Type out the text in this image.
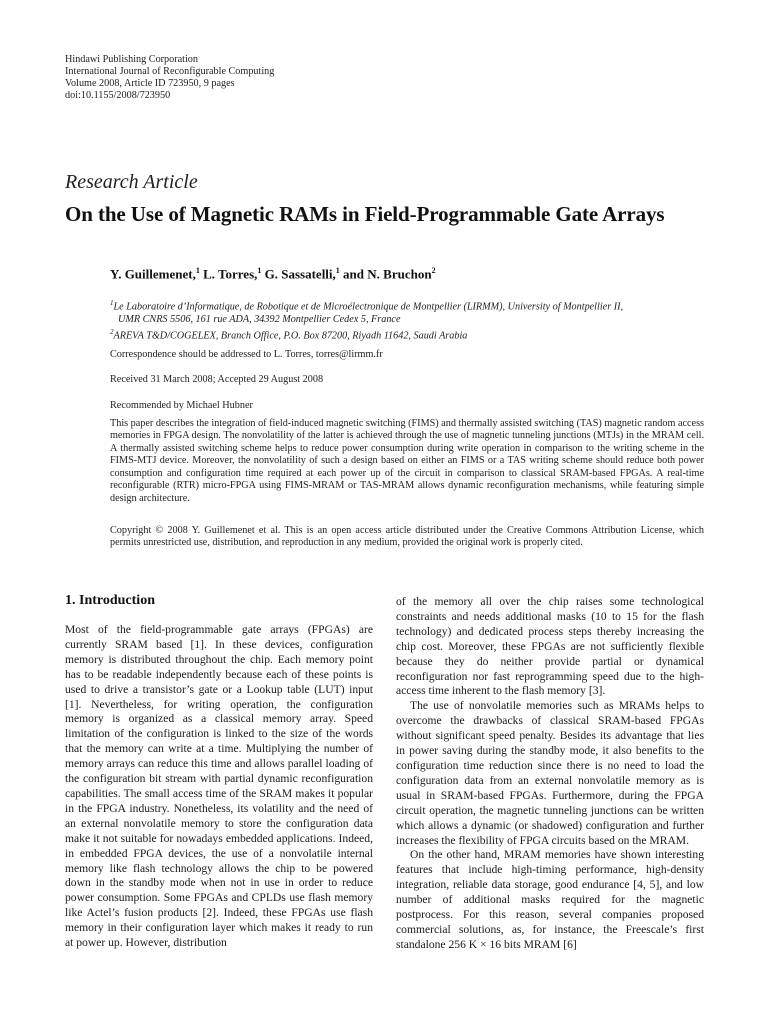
Hindawi Publishing Corporation
International Journal of Reconfigurable Computing
Volume 2008, Article ID 723950, 9 pages
doi:10.1155/2008/723950
Research Article
On the Use of Magnetic RAMs in Field-Programmable Gate Arrays
Y. Guillemenet,$^1$ L. Torres,$^1$ G. Sassatelli,$^1$ and N. Bruchon$^2$

$^1$Le Laboratoire d’Informatique, de Robotique et de Microélectronique de Montpellier (LIRMM), University of Montpellier II,

UMR CNRS 5506, 161 rue ADA, 34392 Montpellier Cedex 5, France

$^2$AREVA T&D/COGELEX, Branch Office, P.O. Box 87200, Riyadh 11642, Saudi Arabia

Correspondence should be addressed to L. Torres, torres@lirmm.fr
Received 31 March 2008; Accepted 29 August 2008
Recommended by Michael Hubner

This paper describes the integration of field-induced magnetic switching (FIMS) and thermally assisted switching (TAS) magnetic random access memories in FPGA design. The nonvolatility of the latter is achieved through the use of magnetic tunneling junctions (MTJs) in the MRAM cell. A thermally assisted switching scheme helps to reduce power consumption during write operation in comparison to the writing scheme in the FIMS-MTJ device. Moreover, the nonvolatility of such a design based on either an FIMS or a TAS writing scheme should reduce both power consumption and configuration time required at each power up of the circuit in comparison to classical SRAM-based FPGAs. A real-time reconfigurable (RTR) micro-FPGA using FIMS-MRAM or TAS-MRAM allows dynamic reconfiguration mechanisms, while featuring simple design architecture.

Copyright © 2008 Y. Guillemenet et al. This is an open access article distributed under the Creative Commons Attribution License, which permits unrestricted use, distribution, and reproduction in any medium, provided the original work is properly cited.

1. Introduction

Most of the field-programmable gate arrays (FPGAs) are currently SRAM based [1]. In these devices, configuration memory is distributed throughout the chip. Each memory point has to be readable independently because each of these points is used to drive a transistor’s gate or a Lookup table (LUT) input [1]. Nevertheless, for writing operation, the configuration memory is organized as a classical memory array. Speed limitation of the configuration is linked to the size of the words that the memory can write at a time. Multiplying the number of memory arrays can reduce this time and allows parallel loading of the configuration bit stream with partial dynamic reconfiguration capabilities. The small access time of the SRAM makes it popular in the FPGA industry. Nonetheless, its volatility and the need of an external nonvolatile memory to store the configuration data make it not suitable for nowadays embedded applications. Indeed, in embedded FPGA devices, the use of a nonvolatile internal memory like flash technology allows the chip to be powered down in the standby mode when not in use in order to reduce power consumption. Some FPGAs and CPLDs use flash memory like Actel’s fusion products [2]. Indeed, these FPGAs use flash memory in their configuration layer which makes it ready to run at power up. However, distribution

of the memory all over the chip raises some technological constraints and needs additional masks (10 to 15 for the flash technology) and dedicated process steps thereby increasing the chip cost. Moreover, these FPGAs are not sufficiently flexible because they do neither provide partial or dynamical reconfiguration nor fast reprogramming speed due to the high-access time inherent to the flash memory [3].

The use of nonvolatile memories such as MRAMs helps to overcome the drawbacks of classical SRAM-based FPGAs without significant speed penalty. Besides its advantage that lies in power saving during the standby mode, it also benefits to the configuration time reduction since there is no need to load the configuration data from an external nonvolatile memory as is usual in SRAM-based FPGAs. Furthermore, during the FPGA circuit operation, the magnetic tunneling junctions can be written which allows a dynamic (or shadowed) configuration and further increases the flexibility of FPGA circuits based on the MRAM.

On the other hand, MRAM memories have shown interesting features that include high-timing performance, high-density integration, reliable data storage, good endurance [4, 5], and low number of additional masks required for the magnetic postprocess. For this reason, several companies proposed commercial solutions, as, for instance, the Freescale’s first standalone 256 K × 16 bits MRAM [6]
